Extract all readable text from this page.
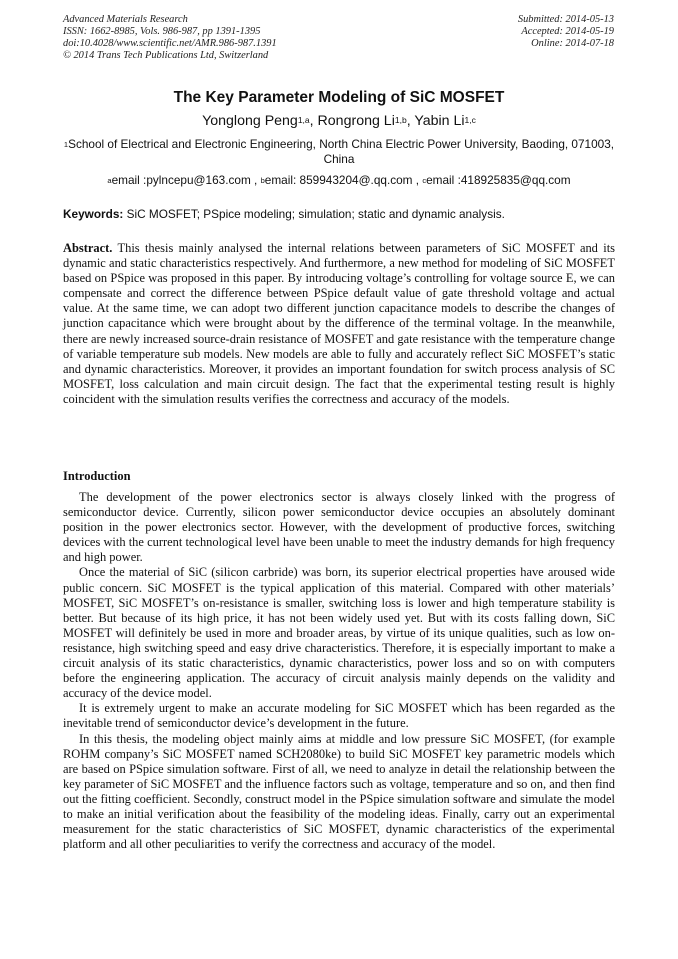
Advanced Materials Research
ISSN: 1662-8985, Vols. 986-987, pp 1391-1395
doi:10.4028/www.scientific.net/AMR.986-987.1391
© 2014 Trans Tech Publications Ltd, Switzerland
Submitted: 2014-05-13
Accepted: 2014-05-19
Online: 2014-07-18
The Key Parameter Modeling of SiC MOSFET
Yonglong Peng$^{1,a}$, Rongrong Li$^{1,b}$, Yabin Li$^{1,c}$
$^1$School of Electrical and Electronic Engineering, North China Electric Power University, Baoding, 071003, China
$^a$email :pylncepu@163.com , $^b$email: 859943204@.qq.com , $^c$email :418925835@qq.com
Keywords: SiC MOSFET; PSpice modeling; simulation; static and dynamic analysis.
Abstract. This thesis mainly analysed the internal relations between parameters of SiC MOSFET and its dynamic and static characteristics respectively. And furthermore, a new method for modeling of SiC MOSFET based on PSpice was proposed in this paper. By introducing voltage’s controlling for voltage source E, we can compensate and correct the difference between PSpice default value of gate threshold voltage and actual value. At the same time, we can adopt two different junction capacitance models to describe the changes of junction capacitance which were brought about by the difference of the terminal voltage. In the meanwhile, there are newly increased source-drain resistance of MOSFET and gate resistance with the temperature change of variable temperature sub models. New models are able to fully and accurately reflect SiC MOSFET’s static and dynamic characteristics. Moreover, it provides an important foundation for switch process analysis of SC MOSFET, loss calculation and main circuit design. The fact that the experimental testing result is highly coincident with the simulation results verifies the correctness and accuracy of the models.
Introduction

The development of the power electronics sector is always closely linked with the progress of semiconductor device. Currently, silicon power semiconductor device occupies an absolutely dominant position in the power electronics sector. However, with the development of productive forces, switching devices with the current technological level have been unable to meet the industry demands for high frequency and high power.

Once the material of SiC (silicon carbride) was born, its superior electrical properties have aroused wide public concern. SiC MOSFET is the typical application of this material. Compared with other materials’ MOSFET, SiC MOSFET’s on-resistance is smaller, switching loss is lower and high temperature stability is better. But because of its high price, it has not been widely used yet. But with its costs falling down, SiC MOSFET will definitely be used in more and broader areas, by virtue of its unique qualities, such as low on-resistance, high switching speed and easy drive characteristics. Therefore, it is especially important to make a circuit analysis of its static characteristics, dynamic characteristics, power loss and so on with computers before the engineering application. The accuracy of circuit analysis mainly depends on the validity and accuracy of the device model.

It is extremely urgent to make an accurate modeling for SiC MOSFET which has been regarded as the inevitable trend of semiconductor device’s development in the future.

In this thesis, the modeling object mainly aims at middle and low pressure SiC MOSFET, (for example ROHM company’s SiC MOSFET named SCH2080ke) to build SiC MOSFET key parametric models which are based on PSpice simulation software. First of all, we need to analyze in detail the relationship between the key parameter of SiC MOSFET and the influence factors such as voltage, temperature and so on, and then find out the fitting coefficient. Secondly, construct model in the PSpice simulation software and simulate the model to make an initial verification about the feasibility of the modeling ideas. Finally, carry out an experimental measurement for the static characteristics of SiC MOSFET, dynamic characteristics of the experimental platform and all other peculiarities to verify the correctness and accuracy of the model.
